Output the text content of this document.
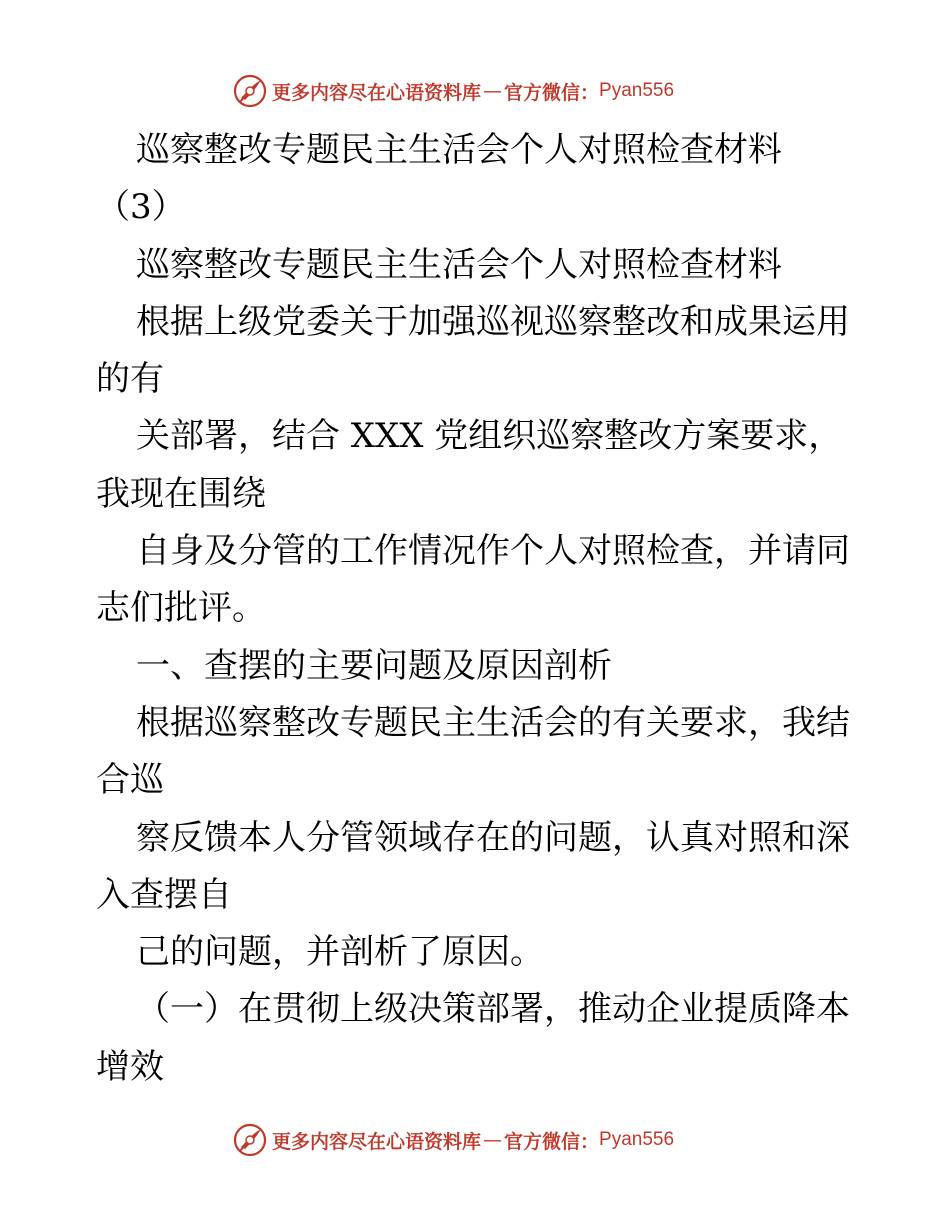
更多内容尽在心语资料库 — 官方微信： Pyan556
巡察整改专题民主生活会个人对照检查材料
（3）
巡察整改专题民主生活会个人对照检查材料
根据上级党委关于加强巡视巡察整改和成果运用
的有
关部署，结合 XXX 党组织巡察整改方案要求，
我现在围绕
自身及分管的工作情况作个人对照检查，并请同
志们批评。
一、查摆的主要问题及原因剖析
根据巡察整改专题民主生活会的有关要求，我结
合巡
察反馈本人分管领域存在的问题，认真对照和深
入查摆自
己的问题，并剖析了原因。
（一）在贯彻上级决策部署，推动企业提质降本
增效
更多内容尽在心语资料库 — 官方微信： Pyan556
